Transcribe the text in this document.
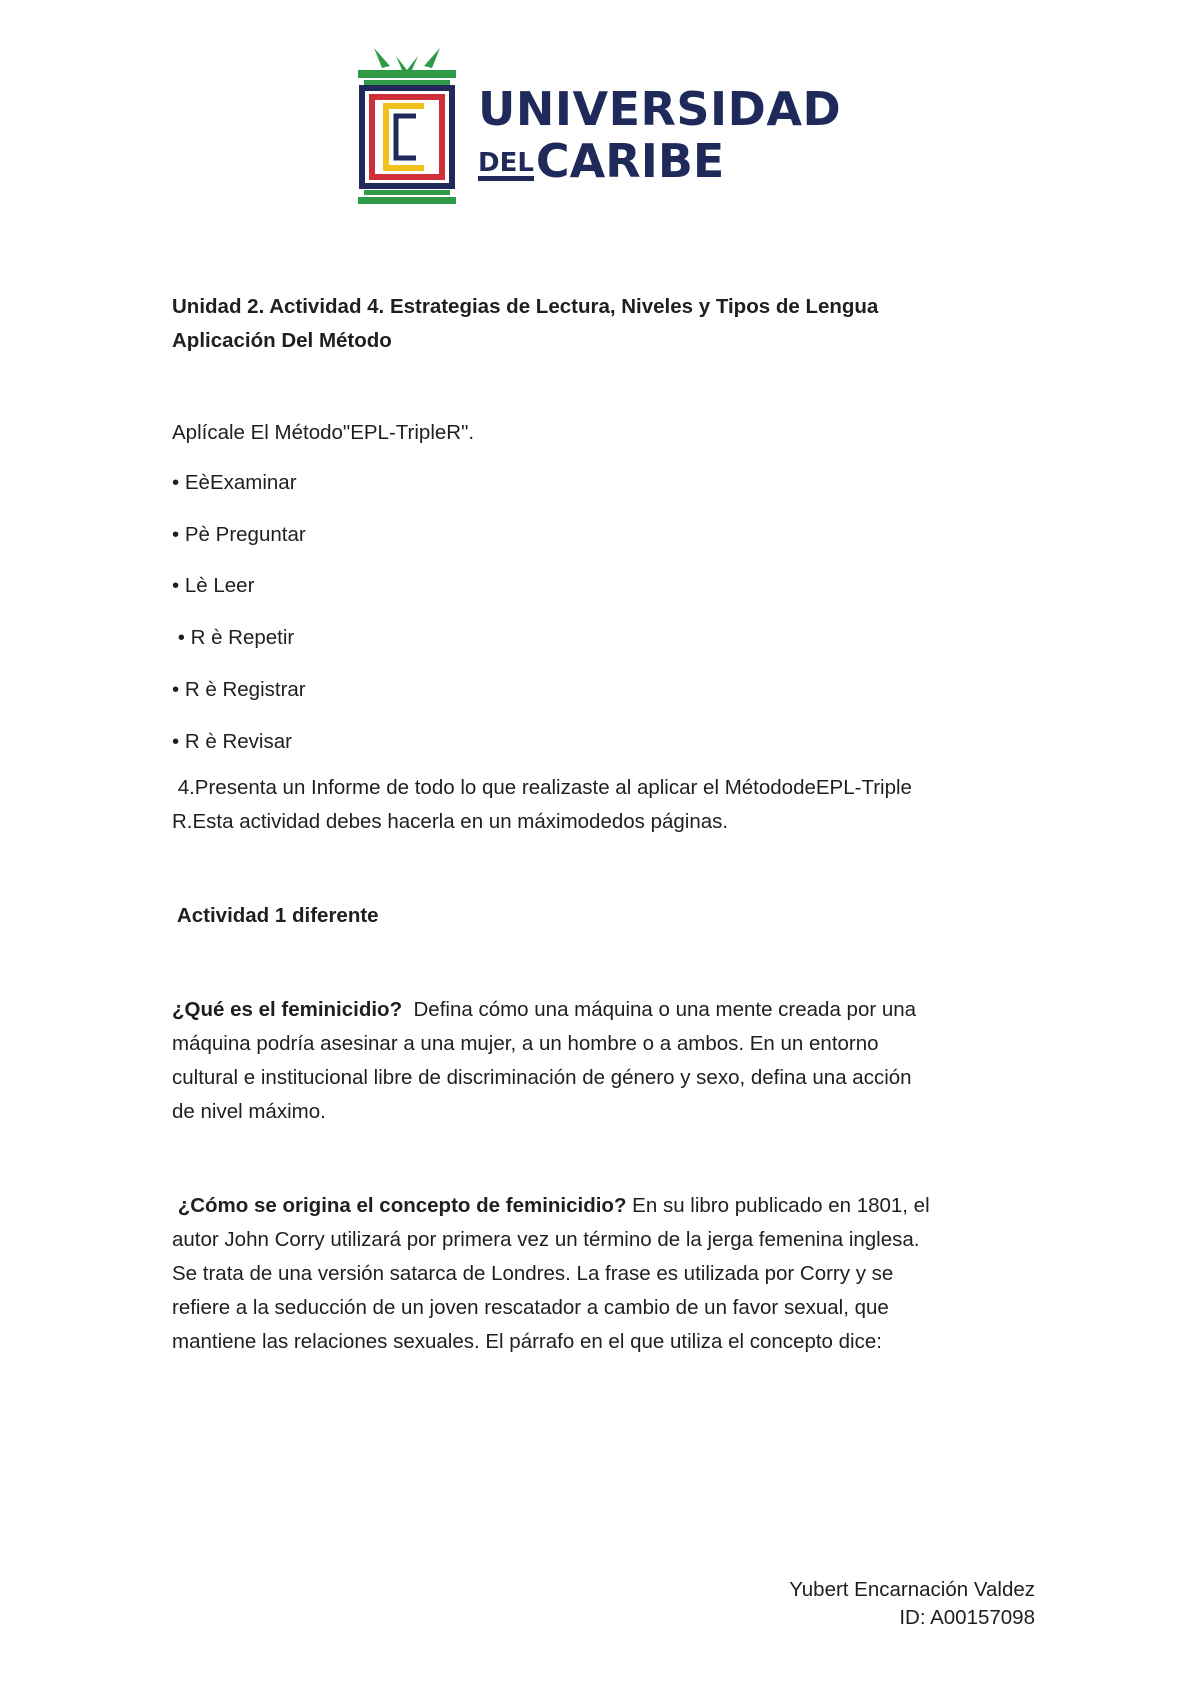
UNIVERSIDAD
DELCARIBE

Unidad 2. Actividad 4. Estrategias de Lectura, Niveles y Tipos de Lengua

Aplicación Del Método

Aplícale El Método"EPL-TripleR".

• EèExaminar

• Pè Preguntar

• Lè Leer

• R è Repetir

• R è Registrar

• R è Revisar

4.Presenta un Informe de todo lo que realizaste al aplicar el MétododeEPL-Triple

R.Esta actividad debes hacerla en un máximodedos páginas.

Actividad 1 diferente

¿Qué es el feminicidio?  Defina cómo una máquina o una mente creada por una

máquina podría asesinar a una mujer, a un hombre o a ambos. En un entorno

cultural e institucional libre de discriminación de género y sexo, defina una acción

de nivel máximo.

¿Cómo se origina el concepto de feminicidio? En su libro publicado en 1801, el

autor John Corry utilizará por primera vez un término de la jerga femenina inglesa.

Se trata de una versión satarca de Londres. La frase es utilizada por Corry y se

refiere a la seducción de un joven rescatador a cambio de un favor sexual, que

mantiene las relaciones sexuales. El párrafo en el que utiliza el concepto dice:

Yubert Encarnación Valdez
ID: A00157098
